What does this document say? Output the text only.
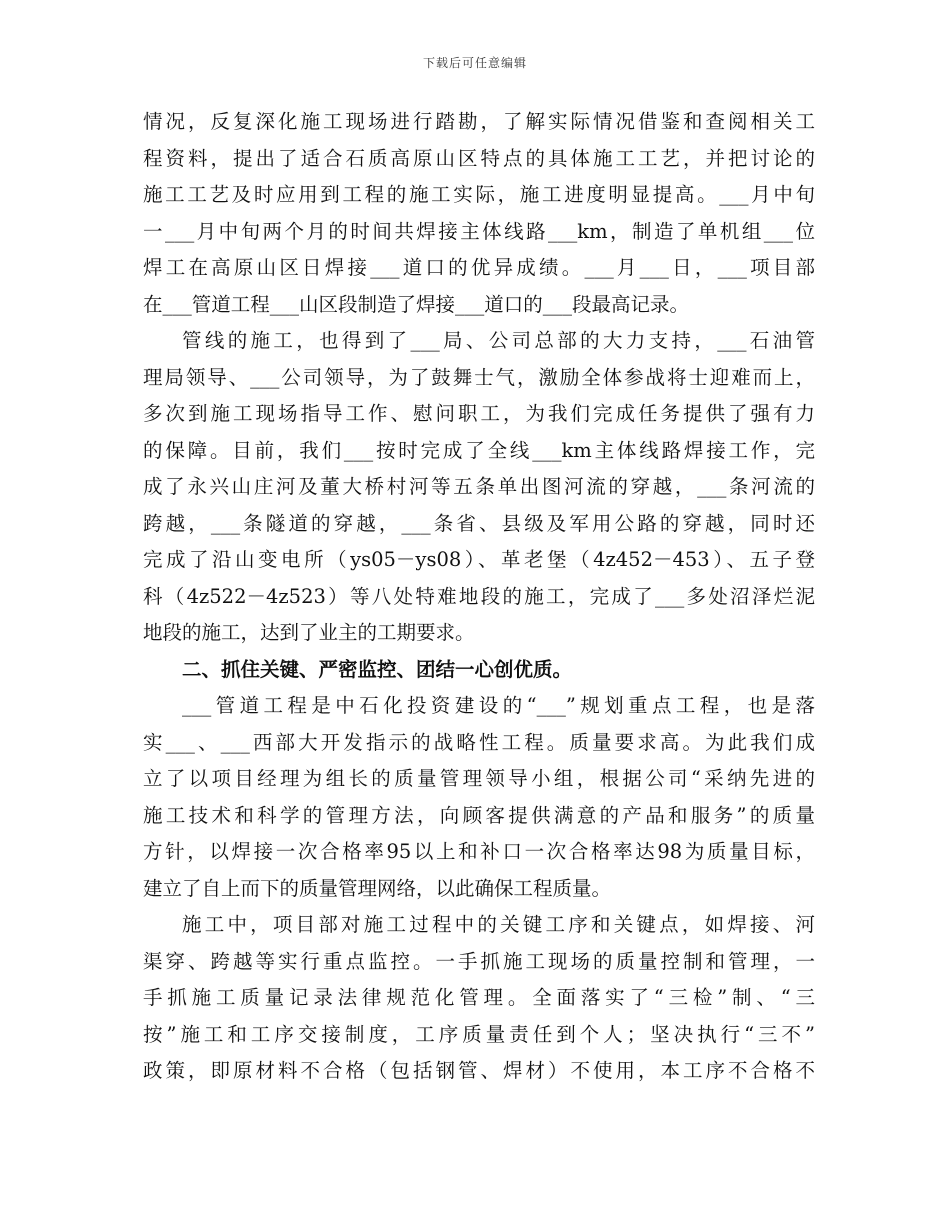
下载后可任意编辑
情况，反复深化施工现场进行踏勘，了解实际情况借鉴和查阅相关工
程资料，提出了适合石质高原山区特点的具体施工工艺，并把讨论的
施工工艺及时应用到工程的施工实际，施工进度明显提高。___月中旬
一___月中旬两个月的时间共焊接主体线路___km，制造了单机组___位
焊工在高原山区日焊接___道口的优异成绩。___月___日，___项目部
在___管道工程___山区段制造了焊接___道口的___段最高记录。
管线的施工，也得到了___局、公司总部的大力支持，___石油管
理局领导、___公司领导，为了鼓舞士气，激励全体参战将士迎难而上，
多次到施工现场指导工作、慰问职工，为我们完成任务提供了强有力
的保障。目前，我们___按时完成了全线___km主体线路焊接工作，完
成了永兴山庄河及董大桥村河等五条单出图河流的穿越，___条河流的
跨越，___条隧道的穿越，___条省、县级及军用公路的穿越，同时还
完成了沿山变电所（ys05－ys08）、革老堡（4z452－453）、五子登
科（4z522－4z523）等八处特难地段的施工，完成了___多处沼泽烂泥
地段的施工，达到了业主的工期要求。
二、抓住关键、严密监控、团结一心创优质。
___管道工程是中石化投资建设的“___”规划重点工程，也是落
实___、___西部大开发指示的战略性工程。质量要求高。为此我们成
立了以项目经理为组长的质量管理领导小组，根据公司“采纳先进的
施工技术和科学的管理方法，向顾客提供满意的产品和服务”的质量
方针，以焊接一次合格率95以上和补口一次合格率达98为质量目标，
建立了自上而下的质量管理网络，以此确保工程质量。
施工中，项目部对施工过程中的关键工序和关键点，如焊接、河
渠穿、跨越等实行重点监控。一手抓施工现场的质量控制和管理，一
手抓施工质量记录法律规范化管理。全面落实了“三检”制、“三
按”施工和工序交接制度，工序质量责任到个人；坚决执行“三不”
政策，即原材料不合格（包括钢管、焊材）不使用，本工序不合格不
